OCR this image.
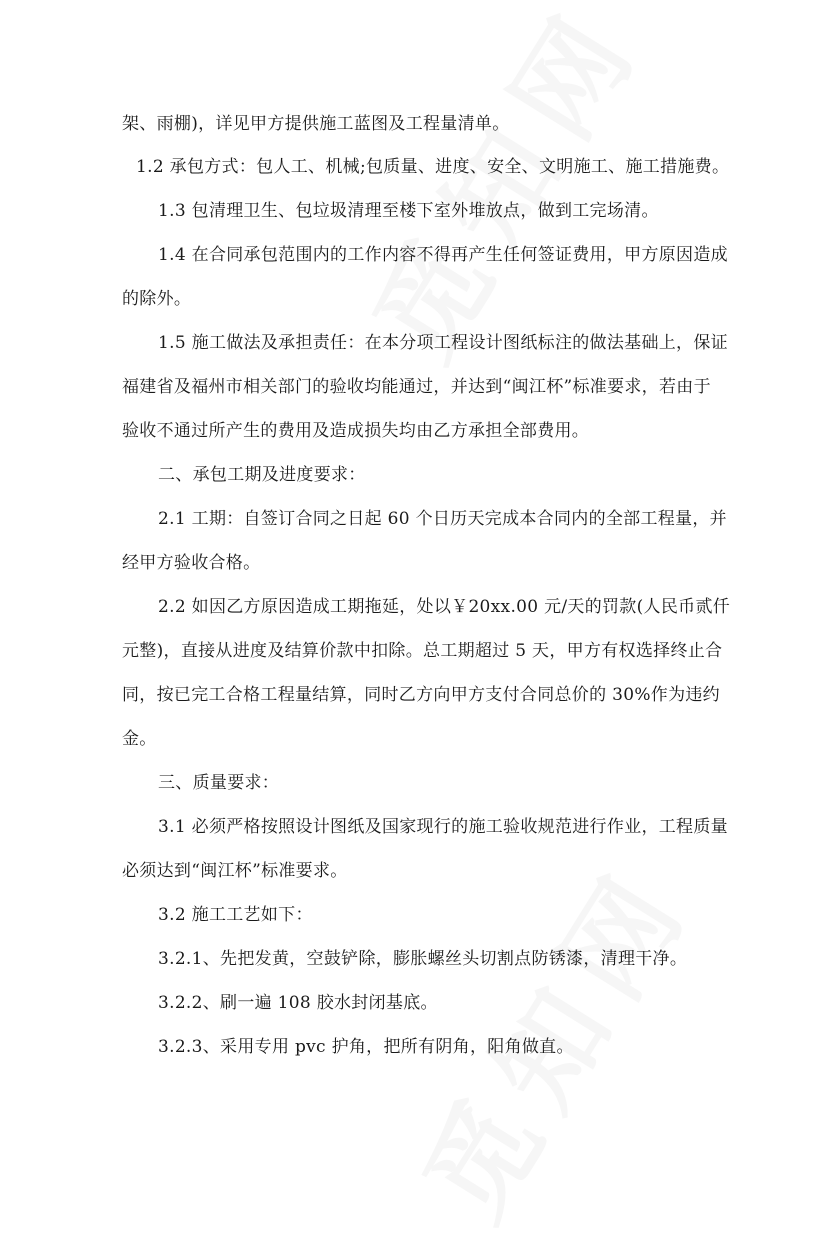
架、雨棚)，详见甲方提供施工蓝图及工程量清单。
1.2 承包方式：包人工、机械;包质量、进度、安全、文明施工、施工措施费。
1.3 包清理卫生、包垃圾清理至楼下室外堆放点，做到工完场清。
1.4 在合同承包范围内的工作内容不得再产生任何签证费用，甲方原因造成
的除外。
1.5 施工做法及承担责任：在本分项工程设计图纸标注的做法基础上，保证
福建省及福州市相关部门的验收均能通过，并达到“闽江杯”标准要求，若由于
验收不通过所产生的费用及造成损失均由乙方承担全部费用。
二、承包工期及进度要求：
2.1 工期：自签订合同之日起 60 个日历天完成本合同内的全部工程量，并
经甲方验收合格。
2.2 如因乙方原因造成工期拖延，处以￥20xx.00 元/天的罚款(人民币贰仟
元整)，直接从进度及结算价款中扣除。总工期超过 5 天，甲方有权选择终止合
同，按已完工合格工程量结算，同时乙方向甲方支付合同总价的 30%作为违约
金。
三、质量要求：
3.1 必须严格按照设计图纸及国家现行的施工验收规范进行作业，工程质量
必须达到“闽江杯”标准要求。
3.2 施工工艺如下：
3.2.1、先把发黄，空鼓铲除，膨胀螺丝头切割点防锈漆，清理干净。
3.2.2、刷一遍 108 胶水封闭基底。
3.2.3、采用专用 pvc 护角，把所有阴角，阳角做直。
